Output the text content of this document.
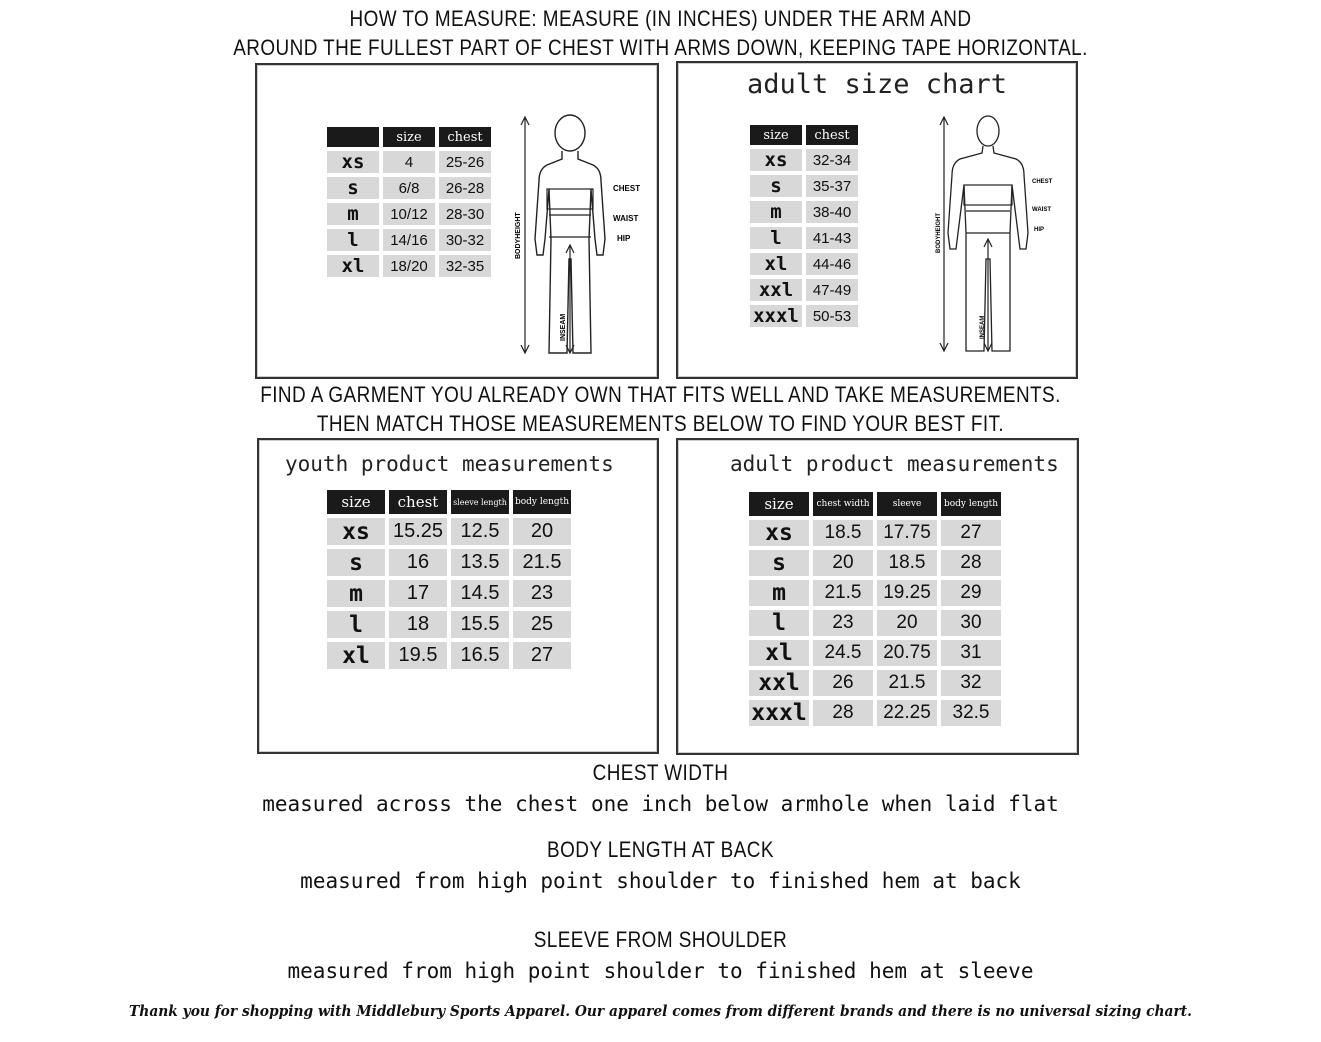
HOW TO MEASURE: MEASURE (IN INCHES) UNDER THE ARM AND
AROUND THE FULLEST PART OF CHEST WITH ARMS DOWN, KEEPING TAPE HORIZONTAL.
	size	chest
xs	4	25-26
s	6/8	26-28
m	10/12	28-30
l	14/16	30-32
xl	18/20	32-35
BODYHEIGHT
INSEAM
CHEST
WAIST
HIP
adult size chart
size	chest
xs	32-34
s	35-37
m	38-40
l	41-43
xl	44-46
xxl	47-49
xxxl	50-53
BODYHEIGHT
INSEAM
CHEST
WAIST
HIP
FIND A GARMENT YOU ALREADY OWN THAT FITS WELL AND TAKE MEASUREMENTS.
THEN MATCH THOSE MEASUREMENTS BELOW TO FIND YOUR BEST FIT.
youth product measurements
size	chest	sleeve length	body length
xs	15.25	12.5	20
s	16	13.5	21.5
m	17	14.5	23
l	18	15.5	25
xl	19.5	16.5	27
adult product measurements
size	chest width	sleeve	body length
xs	18.5	17.75	27
s	20	18.5	28
m	21.5	19.25	29
l	23	20	30
xl	24.5	20.75	31
xxl	26	21.5	32
xxxl	28	22.25	32.5
CHEST WIDTH
measured across the chest one inch below armhole when laid flat
BODY LENGTH AT BACK
measured from high point shoulder to finished hem at back
SLEEVE FROM SHOULDER
measured from high point shoulder to finished hem at sleeve
Thank you for shopping with Middlebury Sports Apparel. Our apparel comes from different brands and there is no universal sizing chart.
